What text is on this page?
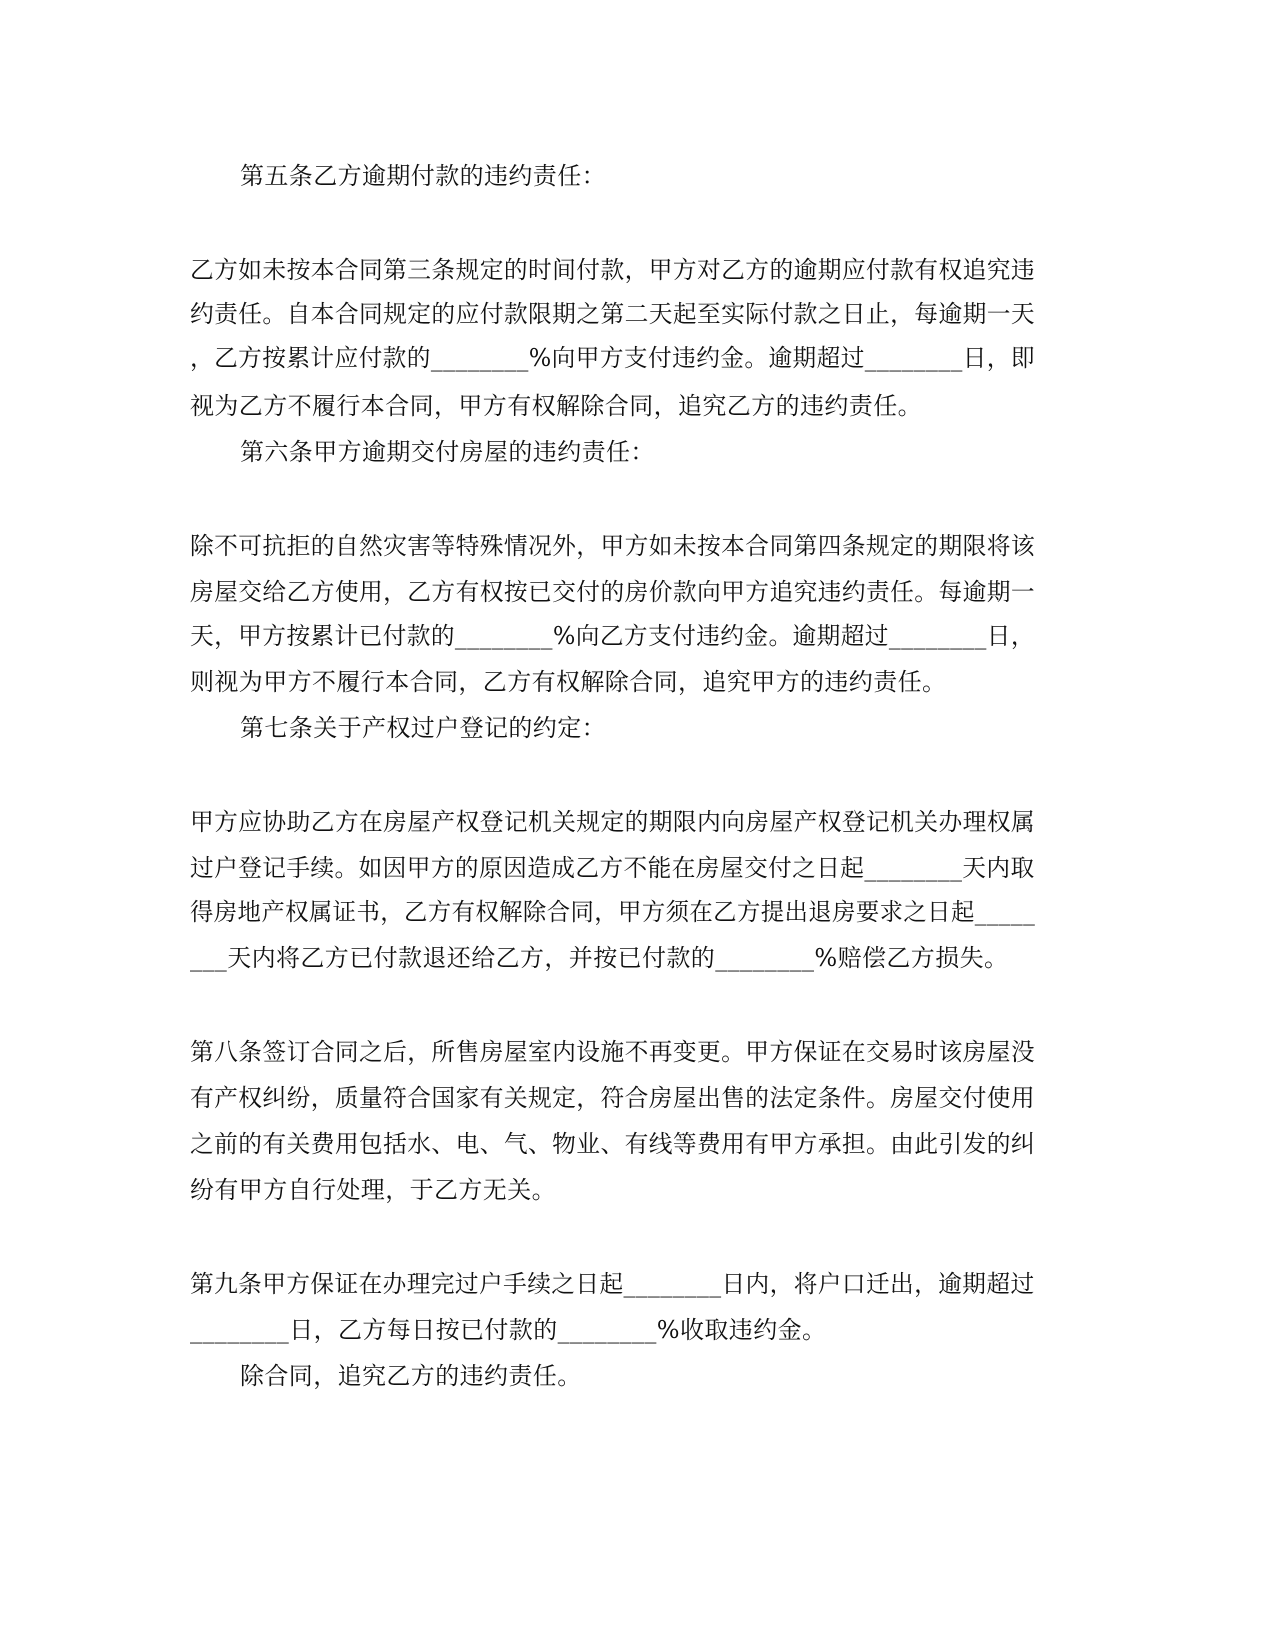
第五条乙方逾期付款的违约责任：
乙方如未按本合同第三条规定的时间付款，甲方对乙方的逾期应付款有权追究违
约责任。自本合同规定的应付款限期之第二天起至实际付款之日止，每逾期一天
，乙方按累计应付款的________%向甲方支付违约金。逾期超过________日，即
视为乙方不履行本合同，甲方有权解除合同，追究乙方的违约责任。
第六条甲方逾期交付房屋的违约责任：
除不可抗拒的自然灾害等特殊情况外，甲方如未按本合同第四条规定的期限将该
房屋交给乙方使用，乙方有权按已交付的房价款向甲方追究违约责任。每逾期一
天，甲方按累计已付款的________%向乙方支付违约金。逾期超过________日，
则视为甲方不履行本合同，乙方有权解除合同，追究甲方的违约责任。
第七条关于产权过户登记的约定：
甲方应协助乙方在房屋产权登记机关规定的期限内向房屋产权登记机关办理权属
过户登记手续。如因甲方的原因造成乙方不能在房屋交付之日起________天内取
得房地产权属证书，乙方有权解除合同，甲方须在乙方提出退房要求之日起_____
___天内将乙方已付款退还给乙方，并按已付款的________%赔偿乙方损失。
第八条签订合同之后，所售房屋室内设施不再变更。甲方保证在交易时该房屋没
有产权纠纷，质量符合国家有关规定，符合房屋出售的法定条件。房屋交付使用
之前的有关费用包括水、电、气、物业、有线等费用有甲方承担。由此引发的纠
纷有甲方自行处理，于乙方无关。
第九条甲方保证在办理完过户手续之日起________日内，将户口迁出，逾期超过
________日，乙方每日按已付款的________%收取违约金。
除合同，追究乙方的违约责任。
